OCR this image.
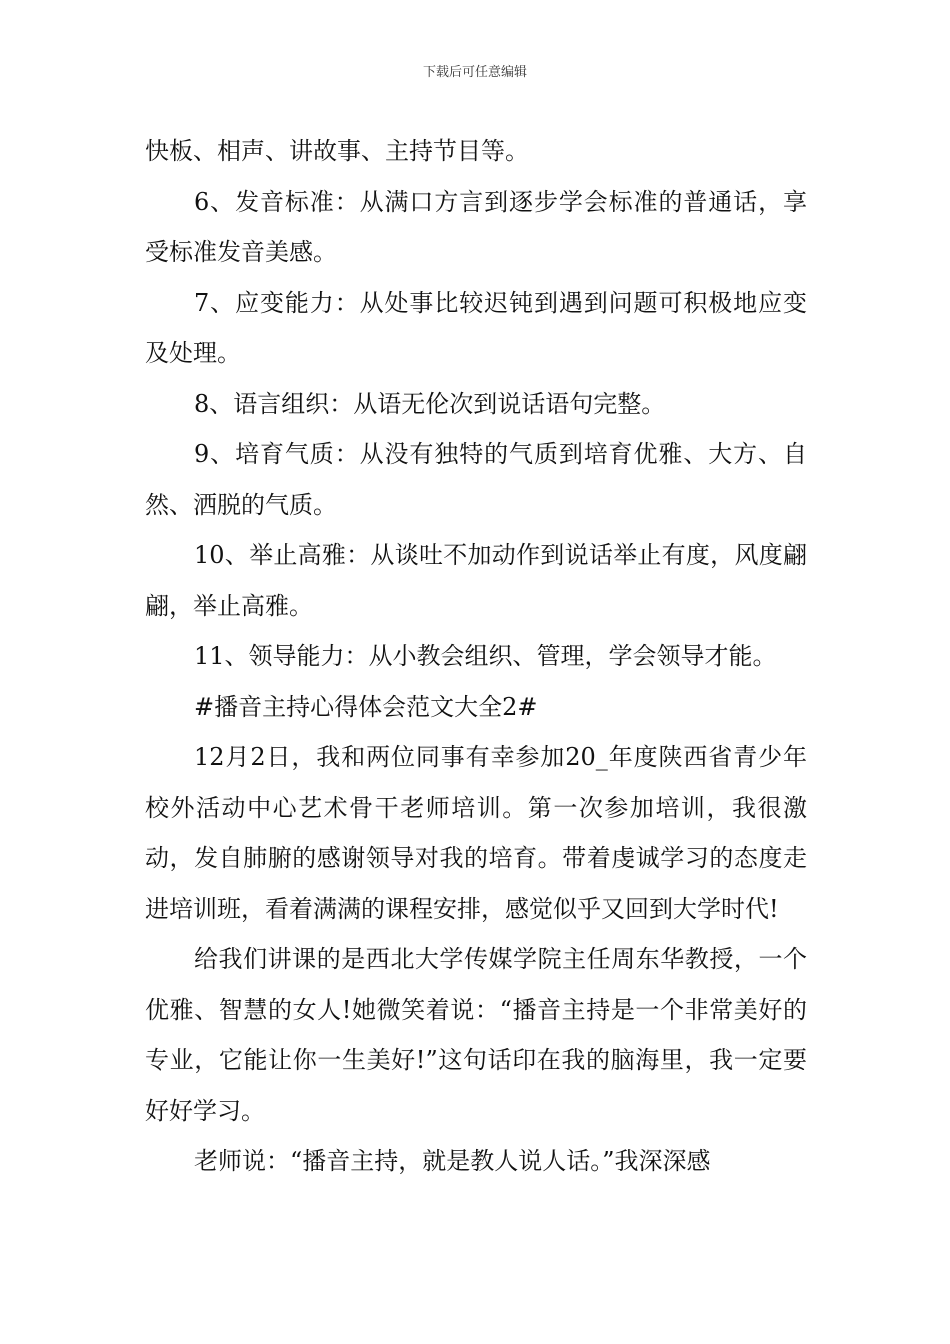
下载后可任意编辑

快板、相声、讲故事、主持节目等。

6、发音标准：从满口方言到逐步学会标准的普通话，享受标准发音美感。

7、应变能力：从处事比较迟钝到遇到问题可积极地应变及处理。

8、语言组织：从语无伦次到说话语句完整。

9、培育气质：从没有独特的气质到培育优雅、大方、自然、洒脱的气质。

10、举止高雅：从谈吐不加动作到说话举止有度，风度翩翩，举止高雅。

11、领导能力：从小教会组织、管理，学会领导才能。

#播音主持心得体会范文大全2#

12月2日，我和两位同事有幸参加20_年度陕西省青少年校外活动中心艺术骨干老师培训。第一次参加培训，我很激动，发自肺腑的感谢领导对我的培育。带着虔诚学习的态度走进培训班，看着满满的课程安排，感觉似乎又回到大学时代!

给我们讲课的是西北大学传媒学院主任周东华教授，一个优雅、智慧的女人!她微笑着说：“播音主持是一个非常美好的专业，它能让你一生美好!”这句话印在我的脑海里，我一定要好好学习。

老师说：“播音主持，就是教人说人话。”我深深感
